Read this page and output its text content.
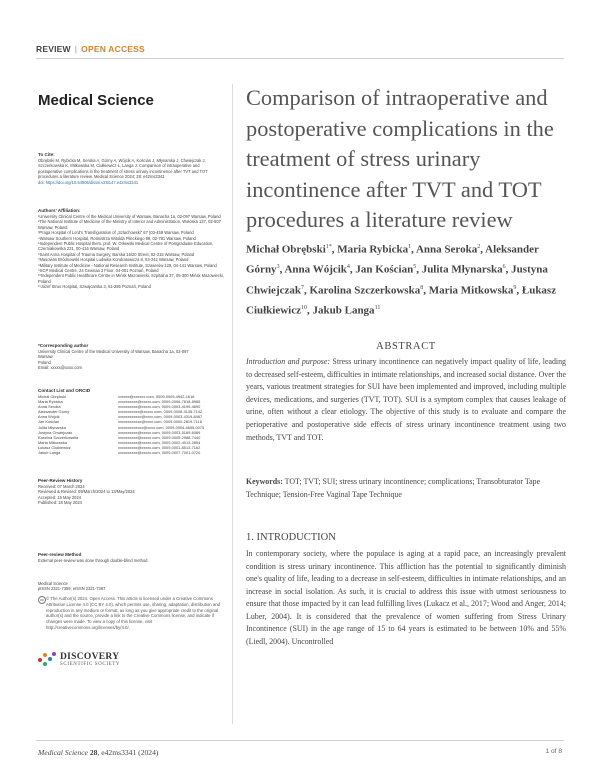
REVIEW | OPEN ACCESS
Medical Science
To Cite:
Obrębski M, Rybicka M, Seroka A, Górny A, Wójcik A, Kościan J, Młynarska J, Chwiejczak J, Szczerkowska K, Mitkowska M, Ciułkiewicz Ł, Langa J. Comparison of intraoperative and postoperative complications in the treatment of stress urinary incontinence after TVT and TOT procedures a literature review. Medical Science 2024; 28: e42ms3341
doi: https://doi.org/10.54905/disssi.v28i147.e42ms3341
Authors' Affiliation:
¹University Clinical Centre of the Medical University of Warsaw, Banacha 1a, 02-097 Warsaw, Poland
²The National Institute of Medicine of the Ministry of Interior and Administration, Wołoska 137, 02-507 Warsaw, Poland
³Praga Hospital of Lord's Transfiguration of „Szlachowski" 67 (03-459 Warsaw, Poland
⁴Warsaw Southern Hospital, Rotmistrza Witolda Pileckiego 99, 02-781 Warsaw, Poland
⁵Independent Public Hospital them. prof. W. Orłowski Medical Centre of Postgraduate Education, Czerniakowska 231, 00-416 Warsaw, Poland
⁶Saint Anna Hospital of Trauma Surgery, Barska 16/20 Street, 02-315 Warsaw, Poland
⁷Masovian Bródnowski Hospital Ludwika Kondratowicza 8, 03-242 Warsaw, Poland
⁸Military Institute of Medicine - National Research Institute, Szaserów 128, 04-141 Warsaw, Poland
⁹SCP Medical Centre, 24 Cewnaa 3 Floor, 04-001 Poznań, Poland
¹⁰Independent Public Healthcare Centre in Mińsk Mazowiecki, Szpitalna 37, 05-300 Mińsk Mazowiecki, Poland
¹¹Józef Strus Hospital, Szwajcarska 3, 61-285 Poznań, Poland
*Corresponding author
University Clinical Centre of the Medical University of Warsaw, Banacha 1a, 02-097
Warsaw
Poland
Email: xxxxx@xxxx.com
Contact List and ORCID
Michał Obrębski	xxxxxx@xxxxxx.com, 0009-0005-4942-1616
Maria Rybicka	xxxxxxxxxx@xxxxx.com, 0009-0006-7818-8985
Anna Seroka	xxxxxxxxxx@xxxxx.com, 0009-0003-4199-4690
Aleksander Górny	xxxxxxxxxxx@xxxxx.com, 0009-0008-4135-7142
Anna Wójcik	xxxxxxxxxxxx@xxxx.com, 0009-0003-4319-8467
Jan Kościan	xxxxxxxxxxxx@xxxx.com, 0009-0000-2819-7116
Julita Młynarska	xxxxxxxxxxxxx@xxxx.com, 0009-0004-4655-0075
Justyna Chwiejczak	xxxxxxxxxx@xxxxx.com, 0009-0003-5169-6089
Karolina Szczerkowska	xxxxxxxxxx@xxxxx.com, 0009-0005-2988-7440
Maria Mitkowska	xxxxxxxxxx@xxxxx.com, 0009-0002-4013-2894
Łukasz Ciułkiewicz	xxxxxxxxxx@xxxxx.com, 0009-0001-8513-7162
Jakub Langa	xxxxxxxxxx@xxxxx.com, 0009-0007-7001-0720
Peer-Review History
Received: 07 March 2024
Reviewed & Revised: 09/March/2024 to 13/May/2024
Accepted: 15 May 2024
Published: 18 May 2024
Peer-review Method
External peer-review was done through double-blind method.
Medical Science
pISSN 2321-7359; eISSN 2321-7367
cc © The Author(s) 2024. Open Access. This article is licensed under a Creative Commons Attribution License 4.0 (CC BY 4.0), which permits use, sharing, adaptation, distribution and reproduction in any medium or format, as long as you give appropriate credit to the original author(s) and the source, provide a link to the Creative Commons license, and indicate if changes were made. To view a copy of this license, visit http://creativecommons.org/licenses/by/4.0/.
DISCOVERY
SCIENTIFIC SOCIETY
Comparison of intraoperative and postoperative complications in the treatment of stress urinary incontinence after TVT and TOT procedures a literature review
Michał Obrębski$^{1*}$, Maria Rybicka$^1$, Anna Seroka$^2$, Aleksander Górny$^3$, Anna Wójcik$^4$, Jan Kościan$^5$, Julita Młynarska$^6$, Justyna Chwiejczak$^7$, Karolina Szczerkowska$^8$, Maria Mitkowska$^9$, Łukasz Ciułkiewicz$^{10}$, Jakub Langa$^{11}$
ABSTRACT
Introduction and purpose: Stress urinary incontinence can negatively impact quality of life, leading to decreased self-esteem, difficulties in intimate relationships, and increased social distance. Over the years, various treatment strategies for SUI have been implemented and improved, including multiple devices, medications, and surgeries (TVT, TOT). SUI is a symptom complex that causes leakage of urine, often without a clear etiology. The objective of this study is to evaluate and compare the perioperative and postoperative side effects of stress urinary incontinence treatment using two methods, TVT and TOT.
Keywords: TOT; TVT; SUI; stress urinary incontinence; complications; Transobturator Tape Technique; Tension-Free Vaginal Tape Technique
1. INTRODUCTION
In contemporary society, where the populace is aging at a rapid pace, an increasingly prevalent condition is stress urinary incontinence. This affliction has the potential to significantly diminish one's quality of life, leading to a decrease in self-esteem, difficulties in intimate relationships, and an increase in social isolation. As such, it is crucial to address this issue with utmost seriousness to ensure that those impacted by it can lead fulfilling lives (Lukacz et al., 2017; Wood and Anger, 2014; Luber, 2004). It is considered that the prevalence of women suffering from Stress Urinary Incontinence (SUI) in the age range of 15 to 64 years is estimated to be between 10% and 55% (Liedl, 2004). Uncontrolled
Medical Science 28, e42ms3341 (2024)	1 of 8
